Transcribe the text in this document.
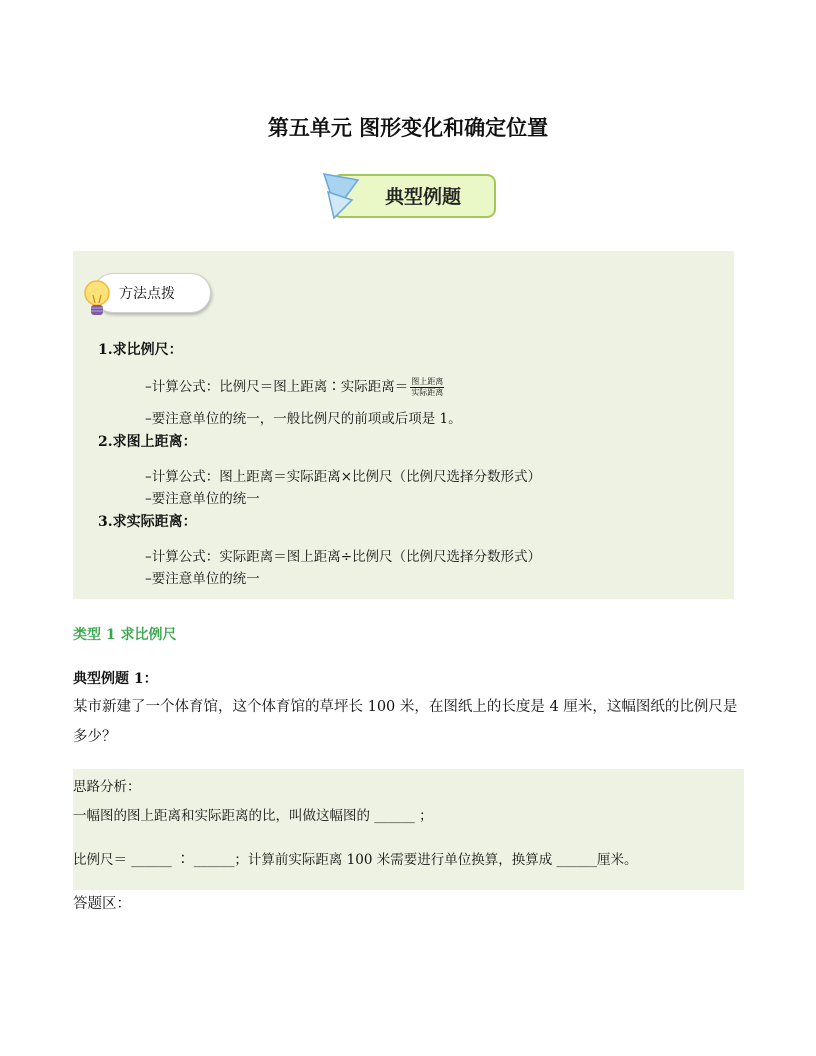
第五单元 图形变化和确定位置
典型例题
方法点拨
1.求比例尺：
–计算公式：比例尺＝图上距离∶实际距离＝ $\frac{\text{图上距离}}{\text{实际距离}}$
–要注意单位的统一，一般比例尺的前项或后项是 1。
2.求图上距离：
–计算公式：图上距离＝实际距离×比例尺（比例尺选择分数形式）
–要注意单位的统一
3.求实际距离：
–计算公式：实际距离＝图上距离÷比例尺（比例尺选择分数形式）
–要注意单位的统一
类型 1 求比例尺
典型例题 1：
某市新建了一个体育馆，这个体育馆的草坪长 100 米，在图纸上的长度是 4 厘米，这幅图纸的比例尺是多少？
思路分析：
一幅图的图上距离和实际距离的比，叫做这幅图的 ______ ；
比例尺＝ ______ ∶ ______；计算前实际距离 100 米需要进行单位换算，换算成 ______厘米。
答题区：
